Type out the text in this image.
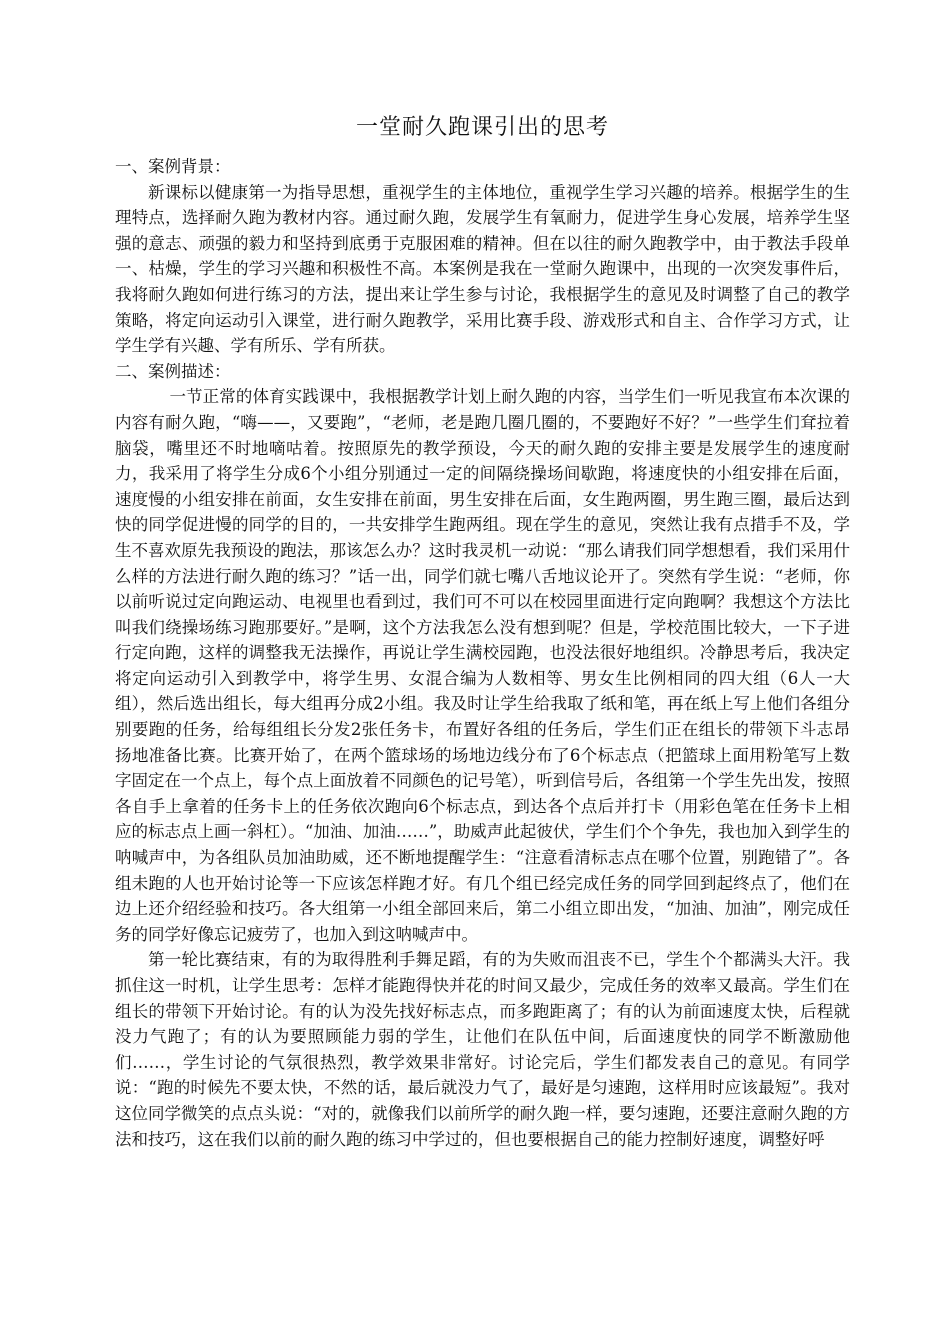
一堂耐久跑课引出的思考

一、案例背景：

新课标以健康第一为指导思想，重视学生的主体地位，重视学生学习兴趣的培养。根据学生的生理特点，选择耐久跑为教材内容。通过耐久跑，发展学生有氧耐力，促进学生身心发展，培养学生坚强的意志、顽强的毅力和坚持到底勇于克服困难的精神。但在以往的耐久跑教学中，由于教法手段单一、枯燥，学生的学习兴趣和积极性不高。本案例是我在一堂耐久跑课中，出现的一次突发事件后，我将耐久跑如何进行练习的方法，提出来让学生参与讨论，我根据学生的意见及时调整了自己的教学策略，将定向运动引入课堂，进行耐久跑教学，采用比赛手段、游戏形式和自主、合作学习方式，让学生学有兴趣、学有所乐、学有所获。

二、案例描述：

一节正常的体育实践课中，我根据教学计划上耐久跑的内容，当学生们一听见我宣布本次课的内容有耐久跑，“嗨——，又要跑”，“老师，老是跑几圈几圈的，不要跑好不好？”一些学生们耷拉着脑袋，嘴里还不时地嘀咕着。按照原先的教学预设，今天的耐久跑的安排主要是发展学生的速度耐力，我采用了将学生分成6个小组分别通过一定的间隔绕操场间歇跑，将速度快的小组安排在后面，速度慢的小组安排在前面，女生安排在前面，男生安排在后面，女生跑两圈，男生跑三圈，最后达到快的同学促进慢的同学的目的，一共安排学生跑两组。现在学生的意见，突然让我有点措手不及，学生不喜欢原先我预设的跑法，那该怎么办？这时我灵机一动说：“那么请我们同学想想看，我们采用什么样的方法进行耐久跑的练习？”话一出，同学们就七嘴八舌地议论开了。突然有学生说：“老师，你以前听说过定向跑运动、电视里也看到过，我们可不可以在校园里面进行定向跑啊？我想这个方法比叫我们绕操场练习跑那要好。”是啊，这个方法我怎么没有想到呢？但是，学校范围比较大，一下子进行定向跑，这样的调整我无法操作，再说让学生满校园跑，也没法很好地组织。冷静思考后，我决定将定向运动引入到教学中，将学生男、女混合编为人数相等、男女生比例相同的四大组（6人一大组），然后选出组长，每大组再分成2小组。我及时让学生给我取了纸和笔，再在纸上写上他们各组分别要跑的任务，给每组组长分发2张任务卡，布置好各组的任务后，学生们正在组长的带领下斗志昂扬地准备比赛。比赛开始了，在两个篮球场的场地边线分布了6个标志点（把篮球上面用粉笔写上数字固定在一个点上，每个点上面放着不同颜色的记号笔），听到信号后，各组第一个学生先出发，按照各自手上拿着的任务卡上的任务依次跑向6个标志点，到达各个点后并打卡（用彩色笔在任务卡上相应的标志点上画一斜杠）。“加油、加油……”，助威声此起彼伏，学生们个个争先，我也加入到学生的呐喊声中，为各组队员加油助威，还不断地提醒学生：“注意看清标志点在哪个位置，别跑错了”。各组未跑的人也开始讨论等一下应该怎样跑才好。有几个组已经完成任务的同学回到起终点了，他们在边上还介绍经验和技巧。各大组第一小组全部回来后，第二小组立即出发，“加油、加油”，刚完成任务的同学好像忘记疲劳了，也加入到这呐喊声中。

第一轮比赛结束，有的为取得胜利手舞足蹈，有的为失败而沮丧不已，学生个个都满头大汗。我抓住这一时机，让学生思考：怎样才能跑得快并花的时间又最少，完成任务的效率又最高。学生们在组长的带领下开始讨论。有的认为没先找好标志点，而多跑距离了；有的认为前面速度太快，后程就没力气跑了；有的认为要照顾能力弱的学生，让他们在队伍中间，后面速度快的同学不断激励他们……，学生讨论的气氛很热烈，教学效果非常好。讨论完后，学生们都发表自己的意见。有同学说：“跑的时候先不要太快，不然的话，最后就没力气了，最好是匀速跑，这样用时应该最短”。我对这位同学微笑的点点头说：“对的，就像我们以前所学的耐久跑一样，要匀速跑，还要注意耐久跑的方法和技巧，这在我们以前的耐久跑的练习中学过的，但也要根据自己的能力控制好速度，调整好呼
